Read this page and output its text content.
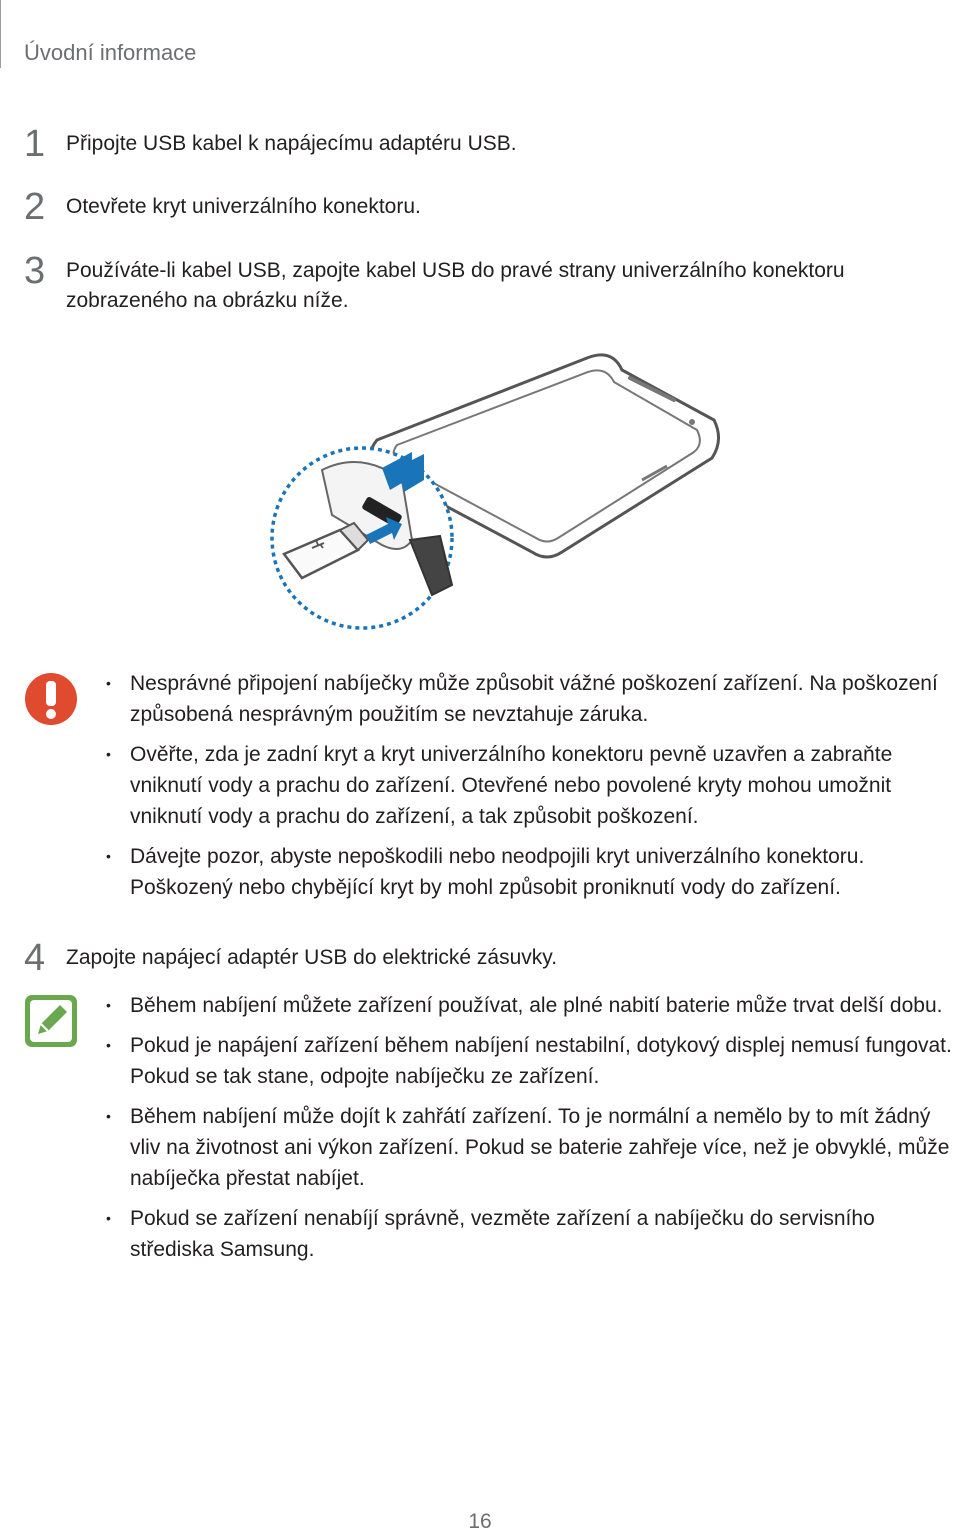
Úvodní informace
1 Připojte USB kabel k napájecímu adaptéru USB.
2 Otevřete kryt univerzálního konektoru.
3 Používáte-li kabel USB, zapojte kabel USB do pravé strany univerzálního konektoru zobrazeného na obrázku níže.
• Nesprávné připojení nabíječky může způsobit vážné poškození zařízení. Na poškození způsobená nesprávným použitím se nevztahuje záruka.
• Ověřte, zda je zadní kryt a kryt univerzálního konektoru pevně uzavřen a zabraňte vniknutí vody a prachu do zařízení. Otevřené nebo povolené kryty mohou umožnit vniknutí vody a prachu do zařízení, a tak způsobit poškození.
• Dávejte pozor, abyste nepoškodili nebo neodpojili kryt univerzálního konektoru. Poškozený nebo chybějící kryt by mohl způsobit proniknutí vody do zařízení.
4 Zapojte napájecí adaptér USB do elektrické zásuvky.
• Během nabíjení můžete zařízení používat, ale plné nabití baterie může trvat delší dobu.
• Pokud je napájení zařízení během nabíjení nestabilní, dotykový displej nemusí fungovat. Pokud se tak stane, odpojte nabíječku ze zařízení.
• Během nabíjení může dojít k zahřátí zařízení. To je normální a nemělo by to mít žádný vliv na životnost ani výkon zařízení. Pokud se baterie zahřeje více, než je obvyklé, může nabíječka přestat nabíjet.
• Pokud se zařízení nenabíjí správně, vezměte zařízení a nabíječku do servisního střediska Samsung.
16
